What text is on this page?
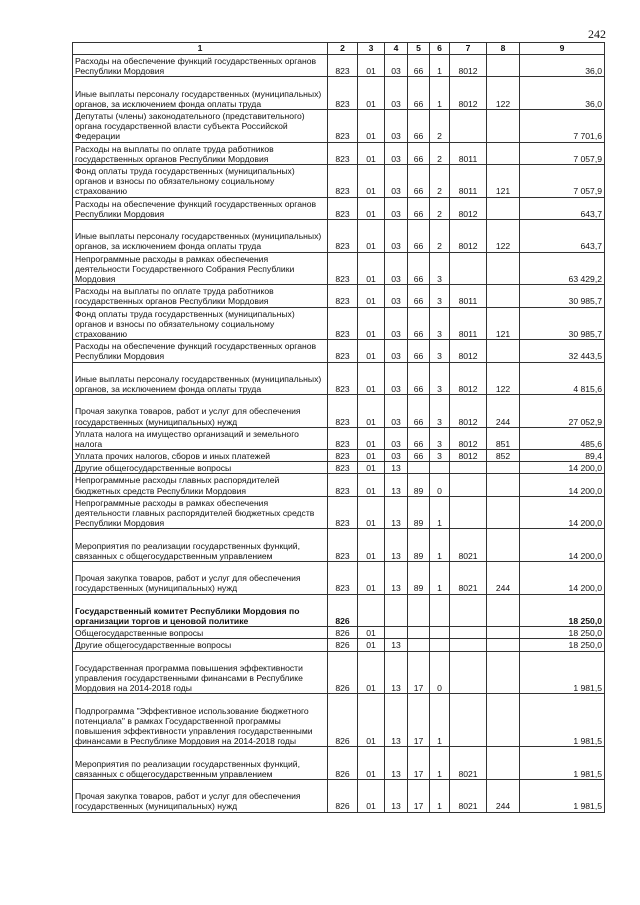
242
1	2	3	4	5	6	7	8	9
Расходы на обеспечение функций государственных органов Республики Мордовия	823	01	03	66	1	8012		36,0
Иные выплаты персоналу государственных (муниципальных) органов, за исключением фонда оплаты труда	823	01	03	66	1	8012	122	36,0
Депутаты (члены) законодательного (представительного) органа государственной власти субъекта Российской Федерации	823	01	03	66	2			7 701,6
Расходы на выплаты по оплате труда работников государственных органов Республики Мордовия	823	01	03	66	2	8011		7 057,9
Фонд оплаты труда государственных (муниципальных) органов и взносы по обязательному социальному страхованию	823	01	03	66	2	8011	121	7 057,9
Расходы на обеспечение функций государственных органов Республики Мордовия	823	01	03	66	2	8012		643,7
Иные выплаты персоналу государственных (муниципальных) органов, за исключением фонда оплаты труда	823	01	03	66	2	8012	122	643,7
Непрограммные расходы в рамках обеспечения деятельности Государственного Собрания Республики Мордовия	823	01	03	66	3			63 429,2
Расходы на выплаты по оплате труда работников государственных органов Республики Мордовия	823	01	03	66	3	8011		30 985,7
Фонд оплаты труда государственных (муниципальных) органов и взносы по обязательному социальному страхованию	823	01	03	66	3	8011	121	30 985,7
Расходы на обеспечение функций государственных органов Республики Мордовия	823	01	03	66	3	8012		32 443,5
Иные выплаты персоналу государственных (муниципальных) органов, за исключением фонда оплаты труда	823	01	03	66	3	8012	122	4 815,6
Прочая закупка товаров, работ и услуг для обеспечения государственных (муниципальных) нужд	823	01	03	66	3	8012	244	27 052,9
Уплата налога на имущество организаций и земельного налога	823	01	03	66	3	8012	851	485,6
Уплата прочих налогов, сборов и иных платежей	823	01	03	66	3	8012	852	89,4
Другие общегосударственные вопросы	823	01	13					14 200,0
Непрограммные расходы главных распорядителей бюджетных средств Республики Мордовия	823	01	13	89	0			14 200,0
Непрограммные расходы в рамках обеспечения деятельности главных распорядителей бюджетных средств Республики Мордовия	823	01	13	89	1			14 200,0
Мероприятия по реализации государственных функций, связанных с общегосударственным управлением	823	01	13	89	1	8021		14 200,0
Прочая закупка товаров, работ и услуг для обеспечения государственных (муниципальных) нужд	823	01	13	89	1	8021	244	14 200,0
Государственный комитет Республики Мордовия по организации торгов и ценовой политике	826							18 250,0
Общегосударственные вопросы	826	01						18 250,0
Другие общегосударственные вопросы	826	01	13					18 250,0
Государственная программа повышения эффективности управления государственными финансами в Республике Мордовия на 2014-2018 годы	826	01	13	17	0			1 981,5
Подпрограмма "Эффективное использование бюджетного потенциала" в рамках Государственной программы повышения эффективности управления государственными финансами в Республике Мордовия на 2014-2018 годы	826	01	13	17	1			1 981,5
Мероприятия по реализации государственных функций, связанных с общегосударственным управлением	826	01	13	17	1	8021		1 981,5
Прочая закупка товаров, работ и услуг для обеспечения государственных (муниципальных) нужд	826	01	13	17	1	8021	244	1 981,5
